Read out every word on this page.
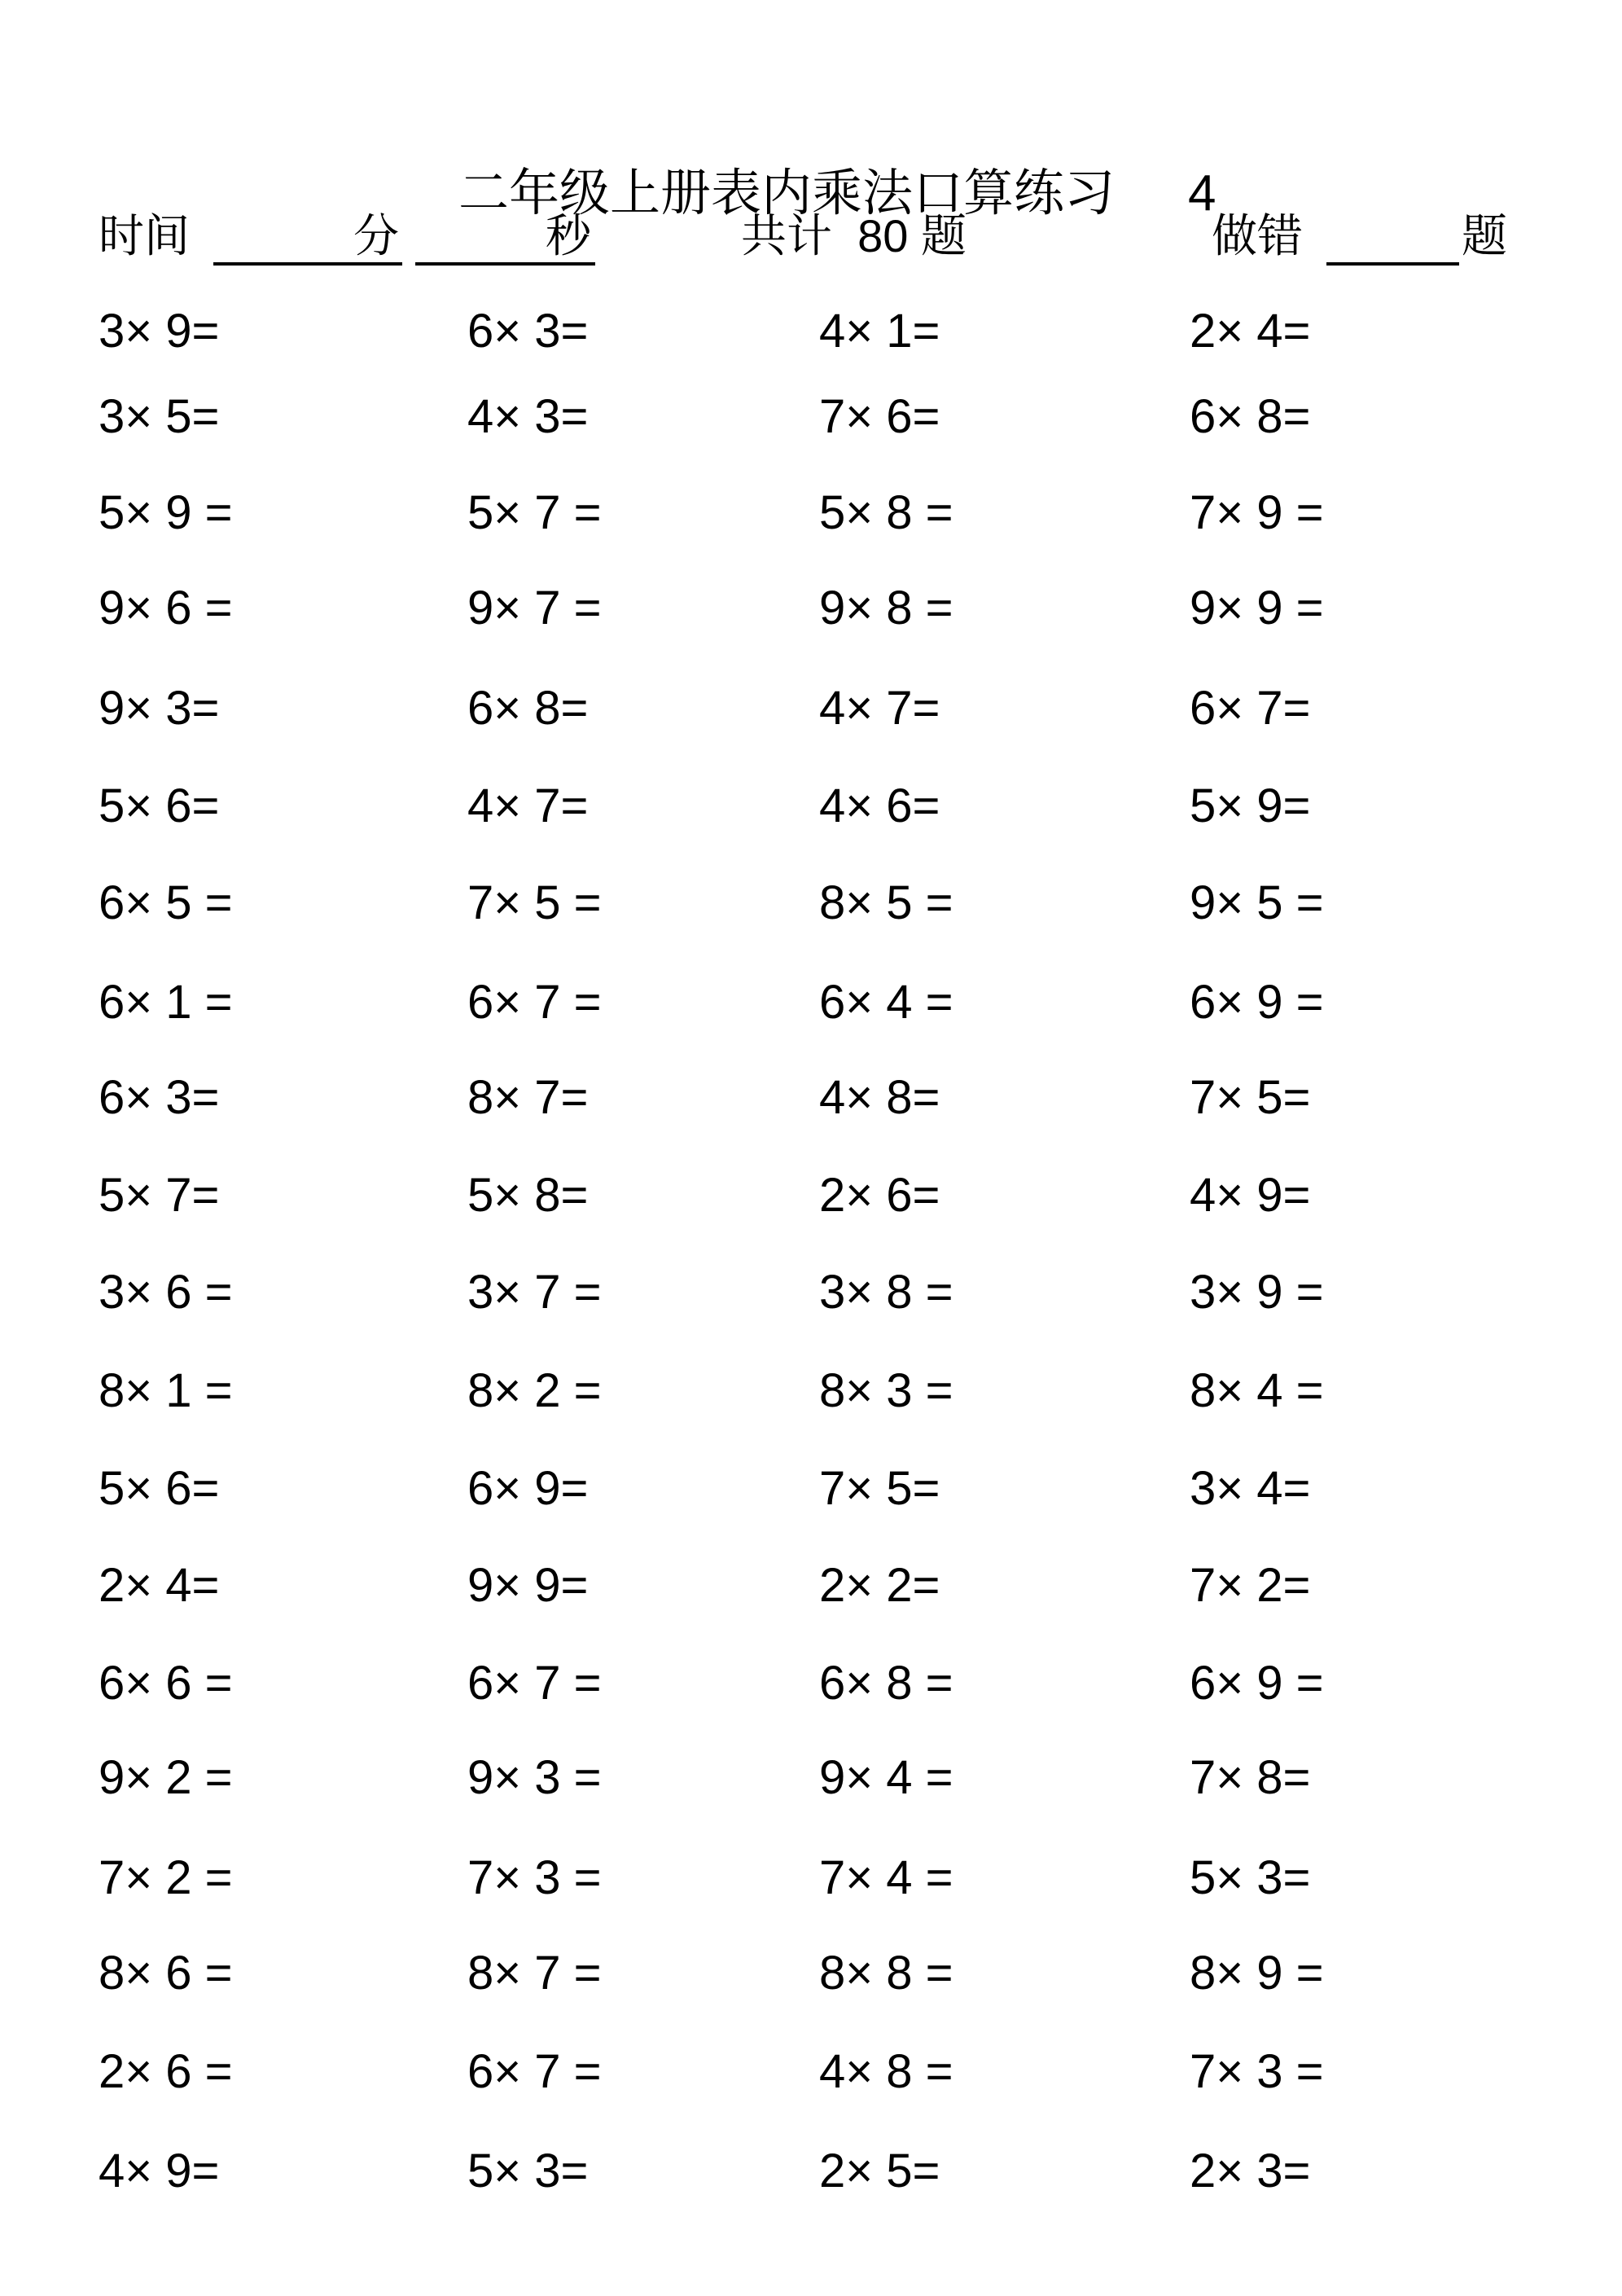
二年级上册表内乘法口算练习 4

时间	分	秒	共计  80 题	做错	题
3× 9=	6× 3=	4× 1=	2× 4=
3× 5=	4× 3=	7× 6=	6× 8=
5× 9 =	5× 7 =	5× 8 =	7× 9 =
9× 6 =	9× 7 =	9× 8 =	9× 9 =
9× 3=	6× 8=	4× 7=	6× 7=
5× 6=	4× 7=	4× 6=	5× 9=
6× 5 =	7× 5 =	8× 5 =	9× 5 =
6× 1 =	6× 7 =	6× 4 =	6× 9 =
6× 3=	8× 7=	4× 8=	7× 5=
5× 7=	5× 8=	2× 6=	4× 9=
3× 6 =	3× 7 =	3× 8 =	3× 9 =
8× 1 =	8× 2 =	8× 3 =	8× 4 =
5× 6=	6× 9=	7× 5=	3× 4=
2× 4=	9× 9=	2× 2=	7× 2=
6× 6 =	6× 7 =	6× 8 =	6× 9 =
9× 2 =	9× 3 =	9× 4 =	7× 8=
7× 2 =	7× 3 =	7× 4 =	5× 3=
8× 6 =	8× 7 =	8× 8 =	8× 9 =
2× 6 =	6× 7 =	4× 8 =	7× 3 =
4× 9=	5× 3=	2× 5=	2× 3=
